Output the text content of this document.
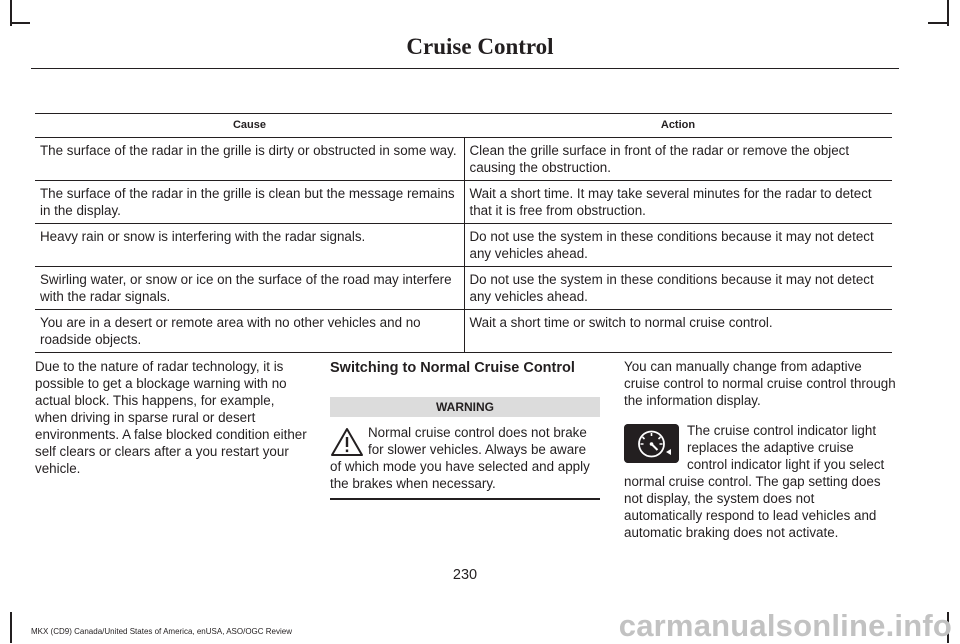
Cruise Control
Cause	Action
The surface of the radar in the grille is dirty or obstructed in some way.	Clean the grille surface in front of the radar or remove the object causing the obstruction.
The surface of the radar in the grille is clean but the message remains in the display.	Wait a short time. It may take several minutes for the radar to detect that it is free from obstruction.
Heavy rain or snow is interfering with the radar signals.	Do not use the system in these conditions because it may not detect any vehicles ahead.
Swirling water, or snow or ice on the surface of the road may interfere with the radar signals.	Do not use the system in these conditions because it may not detect any vehicles ahead.
You are in a desert or remote area with no other vehicles and no roadside objects.	Wait a short time or switch to normal cruise control.

Due to the nature of radar technology, it is possible to get a blockage warning with no actual block. This happens, for example, when driving in sparse rural or desert environments. A false blocked condition either self clears or clears after a you restart your vehicle.

Switching to Normal Cruise Control
WARNING

Normal cruise control does not brake for slower vehicles. Always be aware of which mode you have selected and apply the brakes when necessary.

You can manually change from adaptive cruise control to normal cruise control through the information display.

The cruise control indicator light replaces the adaptive cruise control indicator light if you select normal cruise control. The gap setting does not display, the system does not automatically respond to lead vehicles and automatic braking does not activate.

230
MKX (CD9) Canada/United States of America, enUSA, ASO/OGC Review	carmanualsonline.info
